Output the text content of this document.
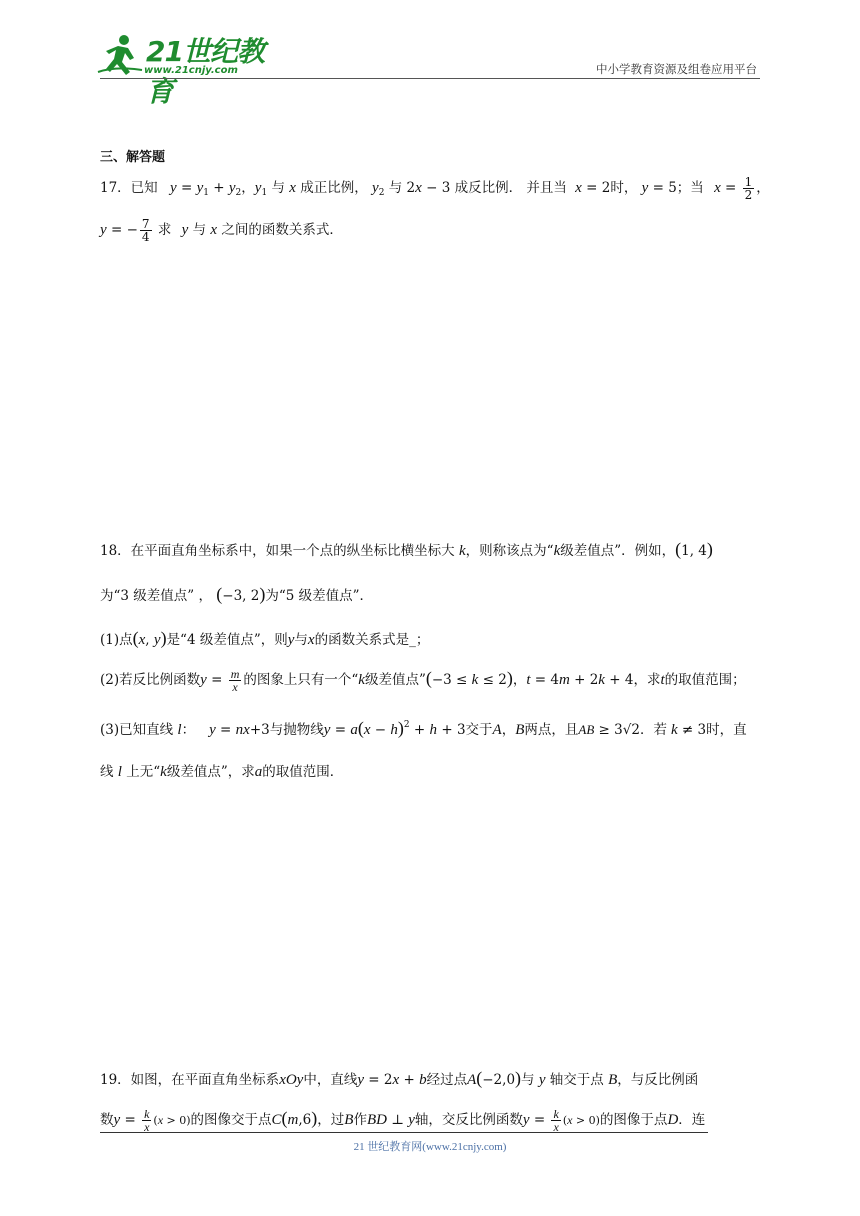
21世纪教育
www.21cnjy.com	中小学教育资源及组卷应用平台
三、解答题
17．已知 $y = y_1 + y_2$，$y_1$ 与 x 成正比例， $y_2$ 与 2x − 3 成反比例． 并且当 x = 2时， y = 5；当 $x = \frac{1}{2}$ ，
y = − $\frac{7}{4}$ 求 y 与 x 之间的函数关系式．
18．在平面直角坐标系中，如果一个点的纵坐标比横坐标大 k，则称该点为“k级差值点”．例如，(1, 4)
为“3 级差值点” ， (−3, 2)为“5 级差值点”．
(1)点(x, y)是“4 级差值点”，则y与x的函数关系式是_；
(2)若反比例函数$y = \frac{m}{x}$ 的图象上只有一个“k级差值点”(−3 ≤ k ≤ 2)，t = 4m + 2k + 4，求t的取值范围；
(3)已知直线 l： y = nx+3与抛物线$y = a(x - h)^2 + h + 3$交于A，B两点，且AB ≥ 3√2．若 k ≠ 3时，直
线 l 上无“k级差值点”，求a的取值范围．
19．如图，在平面直角坐标系xOy中，直线y = 2x + b经过点A(−2,0)与 y 轴交于点 B，与反比例函
数$y = \frac{k}{x} (x > 0)$的图像交于点C(m,6)，过B作BD ⊥ y轴，交反比例函数$y = \frac{k}{x} (x > 0)$的图像于点D．连
21 世纪教育网(www.21cnjy.com)
